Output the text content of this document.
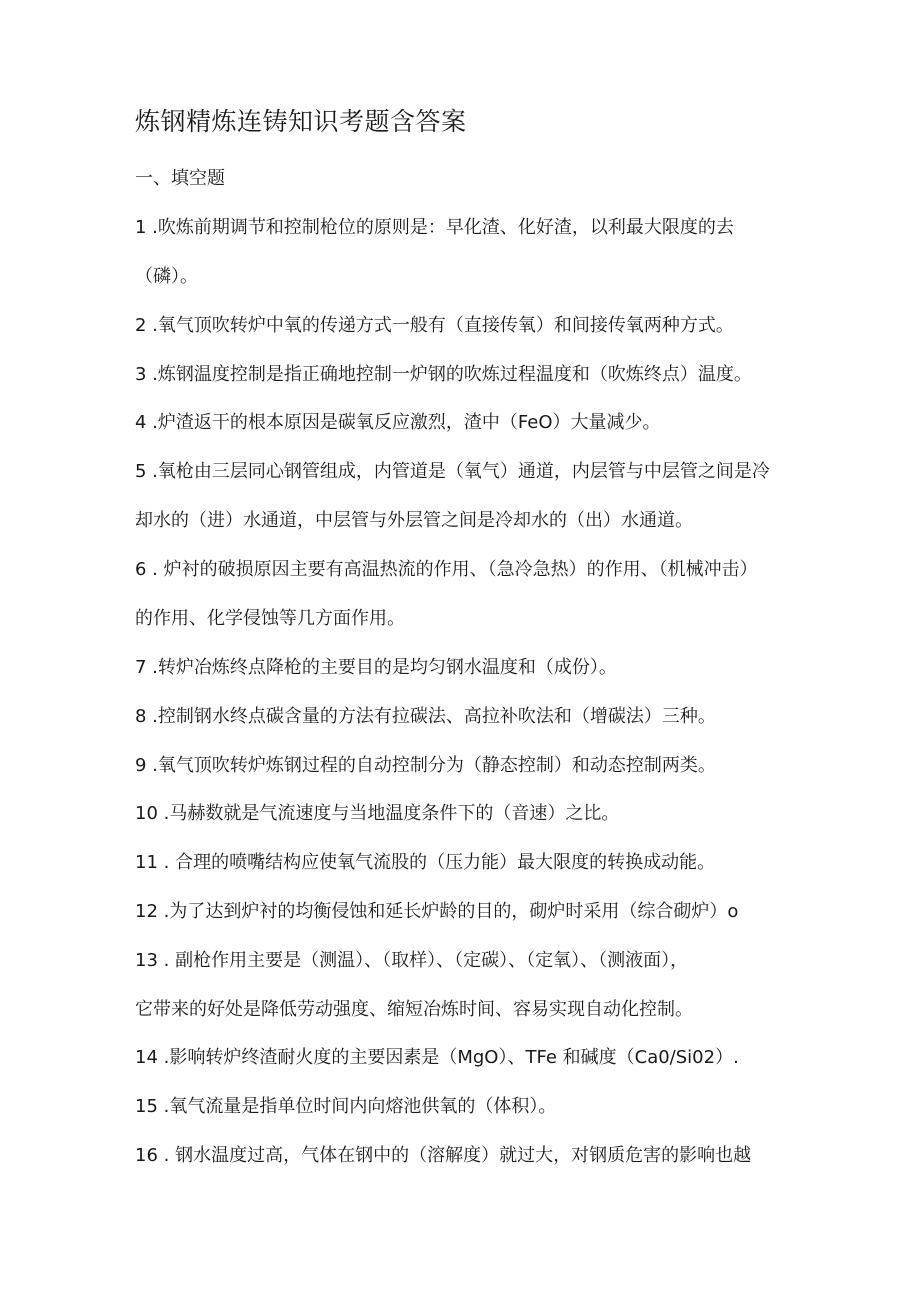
炼钢精炼连铸知识考题含答案
一、填空题
1 .吹炼前期调节和控制枪位的原则是：早化渣、化好渣，以利最大限度的去
（磷）。
2 .氧气顶吹转炉中氧的传递方式一般有（直接传氧）和间接传氧两种方式。
3 .炼钢温度控制是指正确地控制一炉钢的吹炼过程温度和（吹炼终点）温度。
4 .炉渣返干的根本原因是碳氧反应激烈，渣中（FeO）大量减少。
5 .氧枪由三层同心钢管组成，内管道是（氧气）通道，内层管与中层管之间是冷
却水的（进）水通道，中层管与外层管之间是冷却水的（出）水通道。
6 . 炉衬的破损原因主要有高温热流的作用、（急冷急热）的作用、（机械冲击）
的作用、化学侵蚀等几方面作用。
7 .转炉冶炼终点降枪的主要目的是均匀钢水温度和（成份）。
8 .控制钢水终点碳含量的方法有拉碳法、高拉补吹法和（增碳法）三种。
9 .氧气顶吹转炉炼钢过程的自动控制分为（静态控制）和动态控制两类。
10 .马赫数就是气流速度与当地温度条件下的（音速）之比。
11 . 合理的喷嘴结构应使氧气流股的（压力能）最大限度的转换成动能。
12 .为了达到炉衬的均衡侵蚀和延长炉龄的目的，砌炉时采用（综合砌炉）o
13 . 副枪作用主要是（测温）、（取样）、（定碳）、（定氧）、（测液面），
它带来的好处是降低劳动强度、缩短冶炼时间、容易实现自动化控制。
14 .影响转炉终渣耐火度的主要因素是（MgO）、TFe 和碱度（Ca0/Si02）.
15 .氧气流量是指单位时间内向熔池供氧的（体积）。
16 . 钢水温度过高，气体在钢中的（溶解度）就过大，对钢质危害的影响也越
